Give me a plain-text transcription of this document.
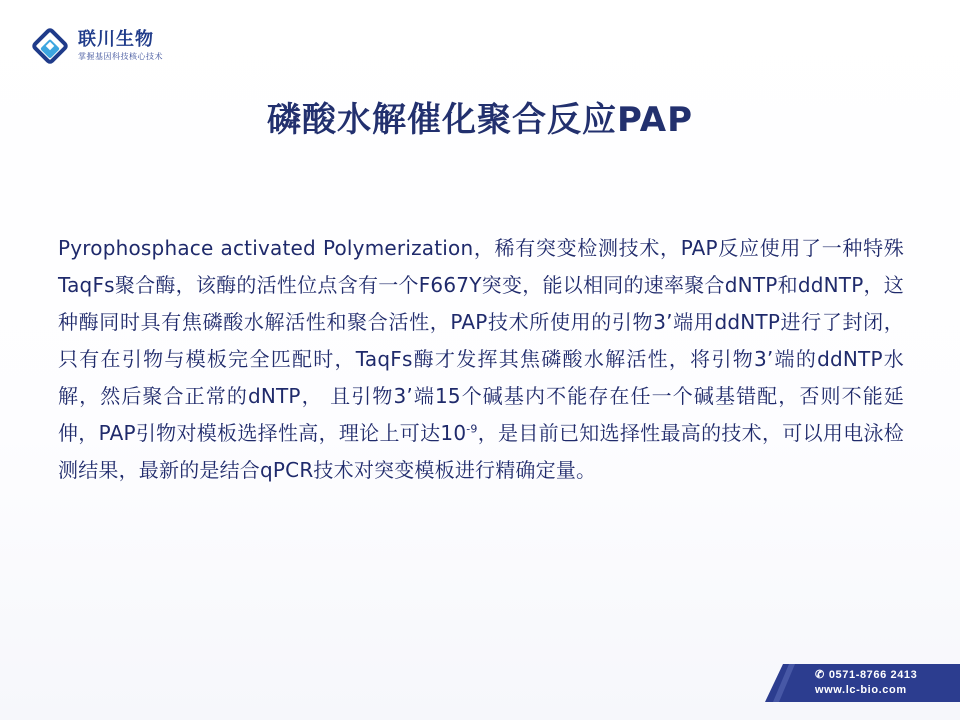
联川生物
掌握基因科技核心技术
磷酸水解催化聚合反应PAP
Pyrophosphace activated Polymerization，稀有突变检测技术，PAP反应使用了一种特殊TaqFs聚合酶，该酶的活性位点含有一个F667Y突变，能以相同的速率聚合dNTP和ddNTP，这种酶同时具有焦磷酸水解活性和聚合活性，PAP技术所使用的引物3’端用ddNTP进行了封闭，只有在引物与模板完全匹配时，TaqFs酶才发挥其焦磷酸水解活性，将引物3’端的ddNTP水解，然后聚合正常的dNTP， 且引物3’端15个碱基内不能存在任一个碱基错配，否则不能延伸，PAP引物对模板选择性高，理论上可达$10^{-9}$，是目前已知选择性最高的技术，可以用电泳检测结果，最新的是结合qPCR技术对突变模板进行精确定量。
✆ 0571-8766 2413
www.lc-bio.com
